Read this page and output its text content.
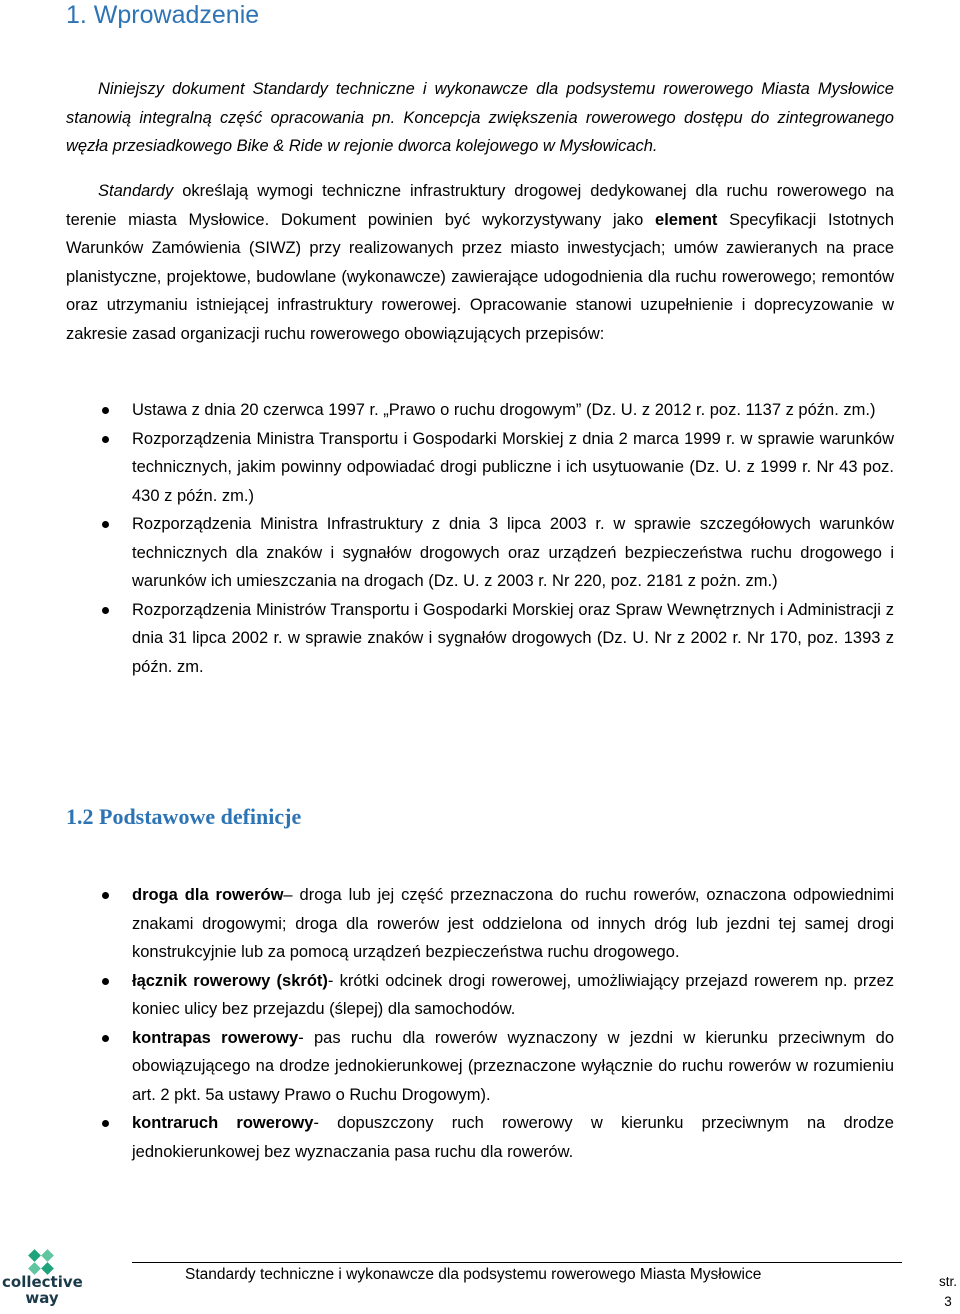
1. Wprowadzenie

Niniejszy dokument Standardy techniczne i wykonawcze dla podsystemu rowerowego Miasta Mysłowice stanowią integralną część opracowania pn. Koncepcja zwiększenia rowerowego dostępu do zintegrowanego węzła przesiadkowego Bike & Ride w rejonie dworca kolejowego w Mysłowicach.

Standardy określają wymogi techniczne infrastruktury drogowej dedykowanej dla ruchu rowerowego na terenie miasta Mysłowice. Dokument powinien być wykorzystywany jako element Specyfikacji Istotnych Warunków Zamówienia (SIWZ) przy realizowanych przez miasto inwestycjach; umów zawieranych na prace planistyczne, projektowe, budowlane (wykonawcze) zawierające udogodnienia dla ruchu rowerowego; remontów oraz utrzymaniu istniejącej infrastruktury rowerowej. Opracowanie stanowi uzupełnienie i doprecyzowanie w zakresie zasad organizacji ruchu rowerowego obowiązujących przepisów:

Ustawa z dnia 20 czerwca 1997 r. „Prawo o ruchu drogowym” (Dz. U. z 2012 r. poz. 1137 z późn. zm.)
Rozporządzenia Ministra Transportu i Gospodarki Morskiej z dnia 2 marca 1999 r. w sprawie warunków technicznych, jakim powinny odpowiadać drogi publiczne i ich usytuowanie (Dz. U. z 1999 r. Nr 43 poz. 430 z późn. zm.)
Rozporządzenia Ministra Infrastruktury z dnia 3 lipca 2003 r. w sprawie szczegółowych warunków technicznych dla znaków i sygnałów drogowych oraz urządzeń bezpieczeństwa ruchu drogowego i warunków ich umieszczania na drogach (Dz. U. z 2003 r. Nr 220, poz. 2181 z pożn. zm.)
Rozporządzenia Ministrów Transportu i Gospodarki Morskiej oraz Spraw Wewnętrznych i Administracji z dnia 31 lipca 2002 r. w sprawie znaków i sygnałów drogowych (Dz. U. Nr z 2002 r. Nr 170, poz. 1393 z późn. zm.
1.2 Podstawowe definicje
droga dla rowerów– droga lub jej część przeznaczona do ruchu rowerów, oznaczona odpowiednimi znakami drogowymi; droga dla rowerów jest oddzielona od innych dróg lub jezdni tej samej drogi konstrukcyjnie lub za pomocą urządzeń bezpieczeństwa ruchu drogowego.
łącznik rowerowy (skrót)- krótki odcinek drogi rowerowej, umożliwiający przejazd rowerem np. przez koniec ulicy bez przejazdu (ślepej) dla samochodów.
kontrapas rowerowy- pas ruchu dla rowerów wyznaczony w jezdni w kierunku przeciwnym do obowiązującego na drodze jednokierunkowej (przeznaczone wyłącznie do ruchu rowerów w rozumieniu art. 2 pkt. 5a ustawy Prawo o Ruchu Drogowym).
kontraruch rowerowy- dopuszczony ruch rowerowy w kierunku przeciwnym na drodze jednokierunkowej bez wyznaczania pasa ruchu dla rowerów.
collective
way

Standardy techniczne i wykonawcze dla podsystemu rowerowego Miasta Mysłowice	str.
3
